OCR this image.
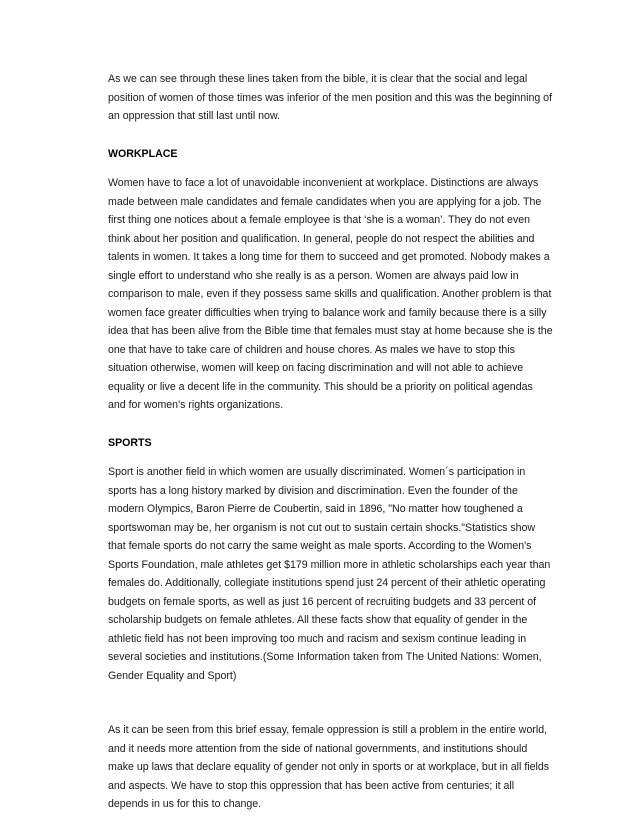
As we can see through these lines taken from the bible, it is clear that the social and legal position of women of those times was inferior of the men position and this was the beginning of an oppression that still last until now.

WORKPLACE

Women have to face a lot of unavoidable inconvenient at workplace. Distinctions are always made between male candidates and female candidates when you are applying for a job. The first thing one notices about a female employee is that ‘she is a woman’. They do not even think about her position and qualification. In general, people do not respect the abilities and talents in women. It takes a long time for them to succeed and get promoted. Nobody makes a single effort to understand who she really is as a person. Women are always paid low in comparison to male, even if they possess same skills and qualification. Another problem is that women face greater difficulties when trying to balance work and family because there is a silly idea that has been alive from the Bible time that females must stay at home because she is the one that have to take care of children and house chores. As males we have to stop this situation otherwise, women will keep on facing discrimination and will not able to achieve equality or live a decent life in the community. This should be a priority on political agendas and for women's rights organizations.

SPORTS

Sport is another field in which women are usually discriminated. Women´s participation in sports has a long history marked by division and discrimination. Even the founder of the modern Olympics, Baron Pierre de Coubertin, said in 1896, "No matter how toughened a sportswoman may be, her organism is not cut out to sustain certain shocks."Statistics show that female sports do not carry the same weight as male sports. According to the Women's Sports Foundation, male athletes get $179 million more in athletic scholarships each year than females do. Additionally, collegiate institutions spend just 24 percent of their athletic operating budgets on female sports, as well as just 16 percent of recruiting budgets and 33 percent of scholarship budgets on female athletes. All these facts show that equality of gender in the athletic field has not been improving too much and racism and sexism continue leading in several societies and institutions.(Some Information taken from The United Nations: Women, Gender Equality and Sport)

As it can be seen from this brief essay, female oppression is still a problem in the entire world, and it needs more attention from the side of national governments, and institutions should make up laws that declare equality of gender not only in sports or at workplace, but in all fields and aspects. We have to stop this oppression that has been active from centuries; it all depends in us for this to change.
